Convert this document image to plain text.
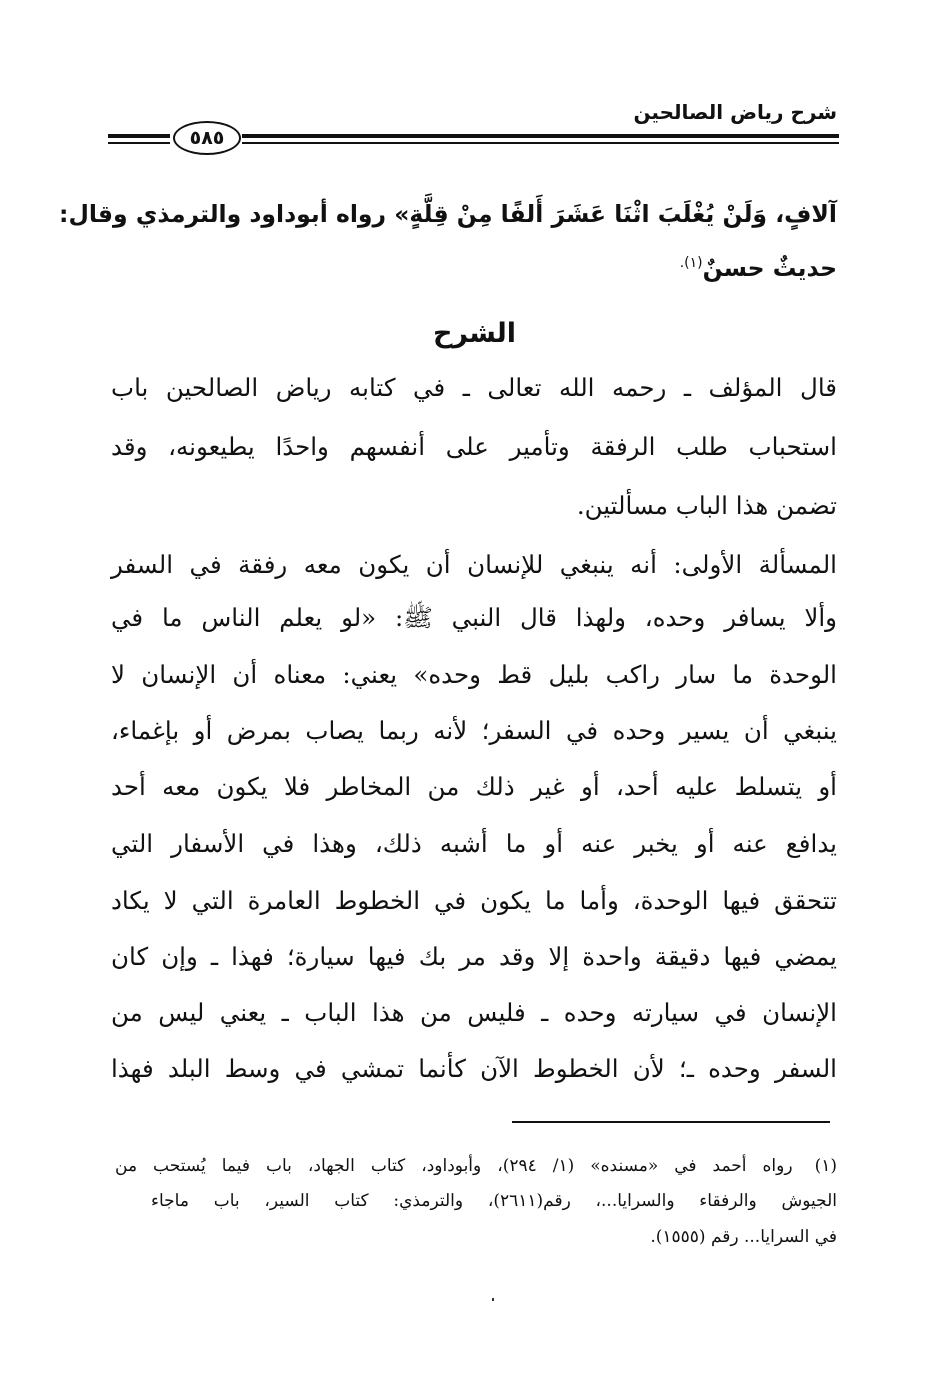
شرح رياض الصالحين
٥٨٥
آلافٍ، وَلَنْ يُغْلَبَ اثْنَا عَشَرَ أَلفًا مِنْ قِلَّةٍ» رواه أبوداود والترمذي وقال:
حديثٌ حسنٌ$^{(١).}$
الشرح
قال المؤلف ـ رحمه الله تعالى ـ في كتابه رياض الصالحين باب
استحباب طلب الرفقة وتأمير على أنفسهم واحدًا يطيعونه، وقد
تضمن هذا الباب مسألتين.
المسألة الأولى: أنه ينبغي للإنسان أن يكون معه رفقة في السفر
وألا يسافر وحده، ولهذا قال النبي ﷺ: «لو يعلم الناس ما في
الوحدة ما سار راكب بليل قط وحده» يعني: معناه أن الإنسان لا
ينبغي أن يسير وحده في السفر؛ لأنه ربما يصاب بمرض أو بإغماء،
أو يتسلط عليه أحد، أو غير ذلك من المخاطر فلا يكون معه أحد
يدافع عنه أو يخبر عنه أو ما أشبه ذلك، وهذا في الأسفار التي
تتحقق فيها الوحدة، وأما ما يكون في الخطوط العامرة التي لا يكاد
يمضي فيها دقيقة واحدة إلا وقد مر بك فيها سيارة؛ فهذا ـ وإن كان
الإنسان في سيارته وحده ـ فليس من هذا الباب ـ يعني ليس من
السفر وحده ـ؛ لأن الخطوط الآن كأنما تمشي في وسط البلد فهذا
(١)رواه أحمد في «مسنده» (١/ ٢٩٤)، وأبوداود، كتاب الجهاد، باب فيما يُستحب من
الجيوش والرفقاء والسرايا...، رقم(٢٦١١)، والترمذي: كتاب السير، باب ماجاء
في السرايا... رقم (١٥٥٥).
